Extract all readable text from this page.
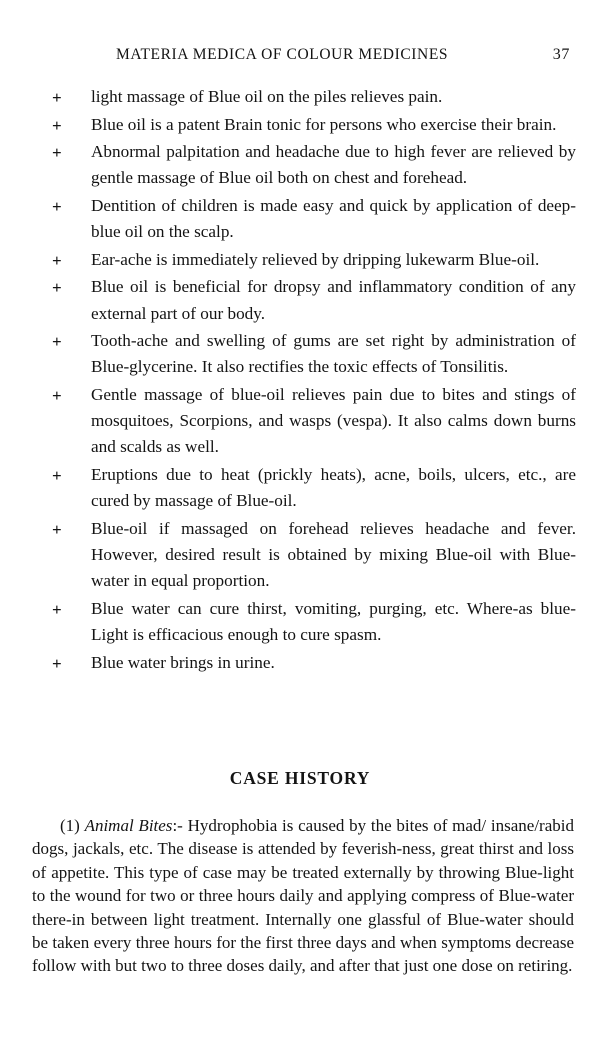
MATERIA MEDICA OF COLOUR MEDICINES	37
+ light massage of Blue oil on the piles relieves pain.
+ Blue oil is a patent Brain tonic for persons who exercise their brain.
+ Abnormal palpitation and headache due to high fever are relieved by gentle massage of Blue oil both on chest and forehead.
+ Dentition of children is made easy and quick by application of deep-blue oil on the scalp.
+ Ear-ache is immediately relieved by dripping lukewarm Blue-oil.
+ Blue oil is beneficial for dropsy and inflammatory condition of any external part of our body.
+ Tooth-ache and swelling of gums are set right by administration of Blue-glycerine. It also rectifies the toxic effects of Tonsilitis.
+ Gentle massage of blue-oil relieves pain due to bites and stings of mosquitoes, Scorpions, and wasps (vespa). It also calms down burns and scalds as well.
+ Eruptions due to heat (prickly heats), acne, boils, ulcers, etc., are cured by massage of Blue-oil.
+ Blue-oil if massaged on forehead relieves headache and fever. However, desired result is obtained by mixing Blue-oil with Blue-water in equal proportion.
+ Blue water can cure thirst, vomiting, purging, etc. Where-as blue-Light is efficacious enough to cure spasm.
+ Blue water brings in urine.
CASE HISTORY

(1) Animal Bites:- Hydrophobia is caused by the bites of mad/ insane/rabid dogs, jackals, etc. The disease is attended by feverish-ness, great thirst and loss of appetite. This type of case may be treated externally by throwing Blue-light to the wound for two or three hours daily and applying compress of Blue-water there-in between light treatment. Internally one glassful of Blue-water should be taken every three hours for the first three days and when symptoms decrease follow with but two to three doses daily, and after that just one dose on retiring.
